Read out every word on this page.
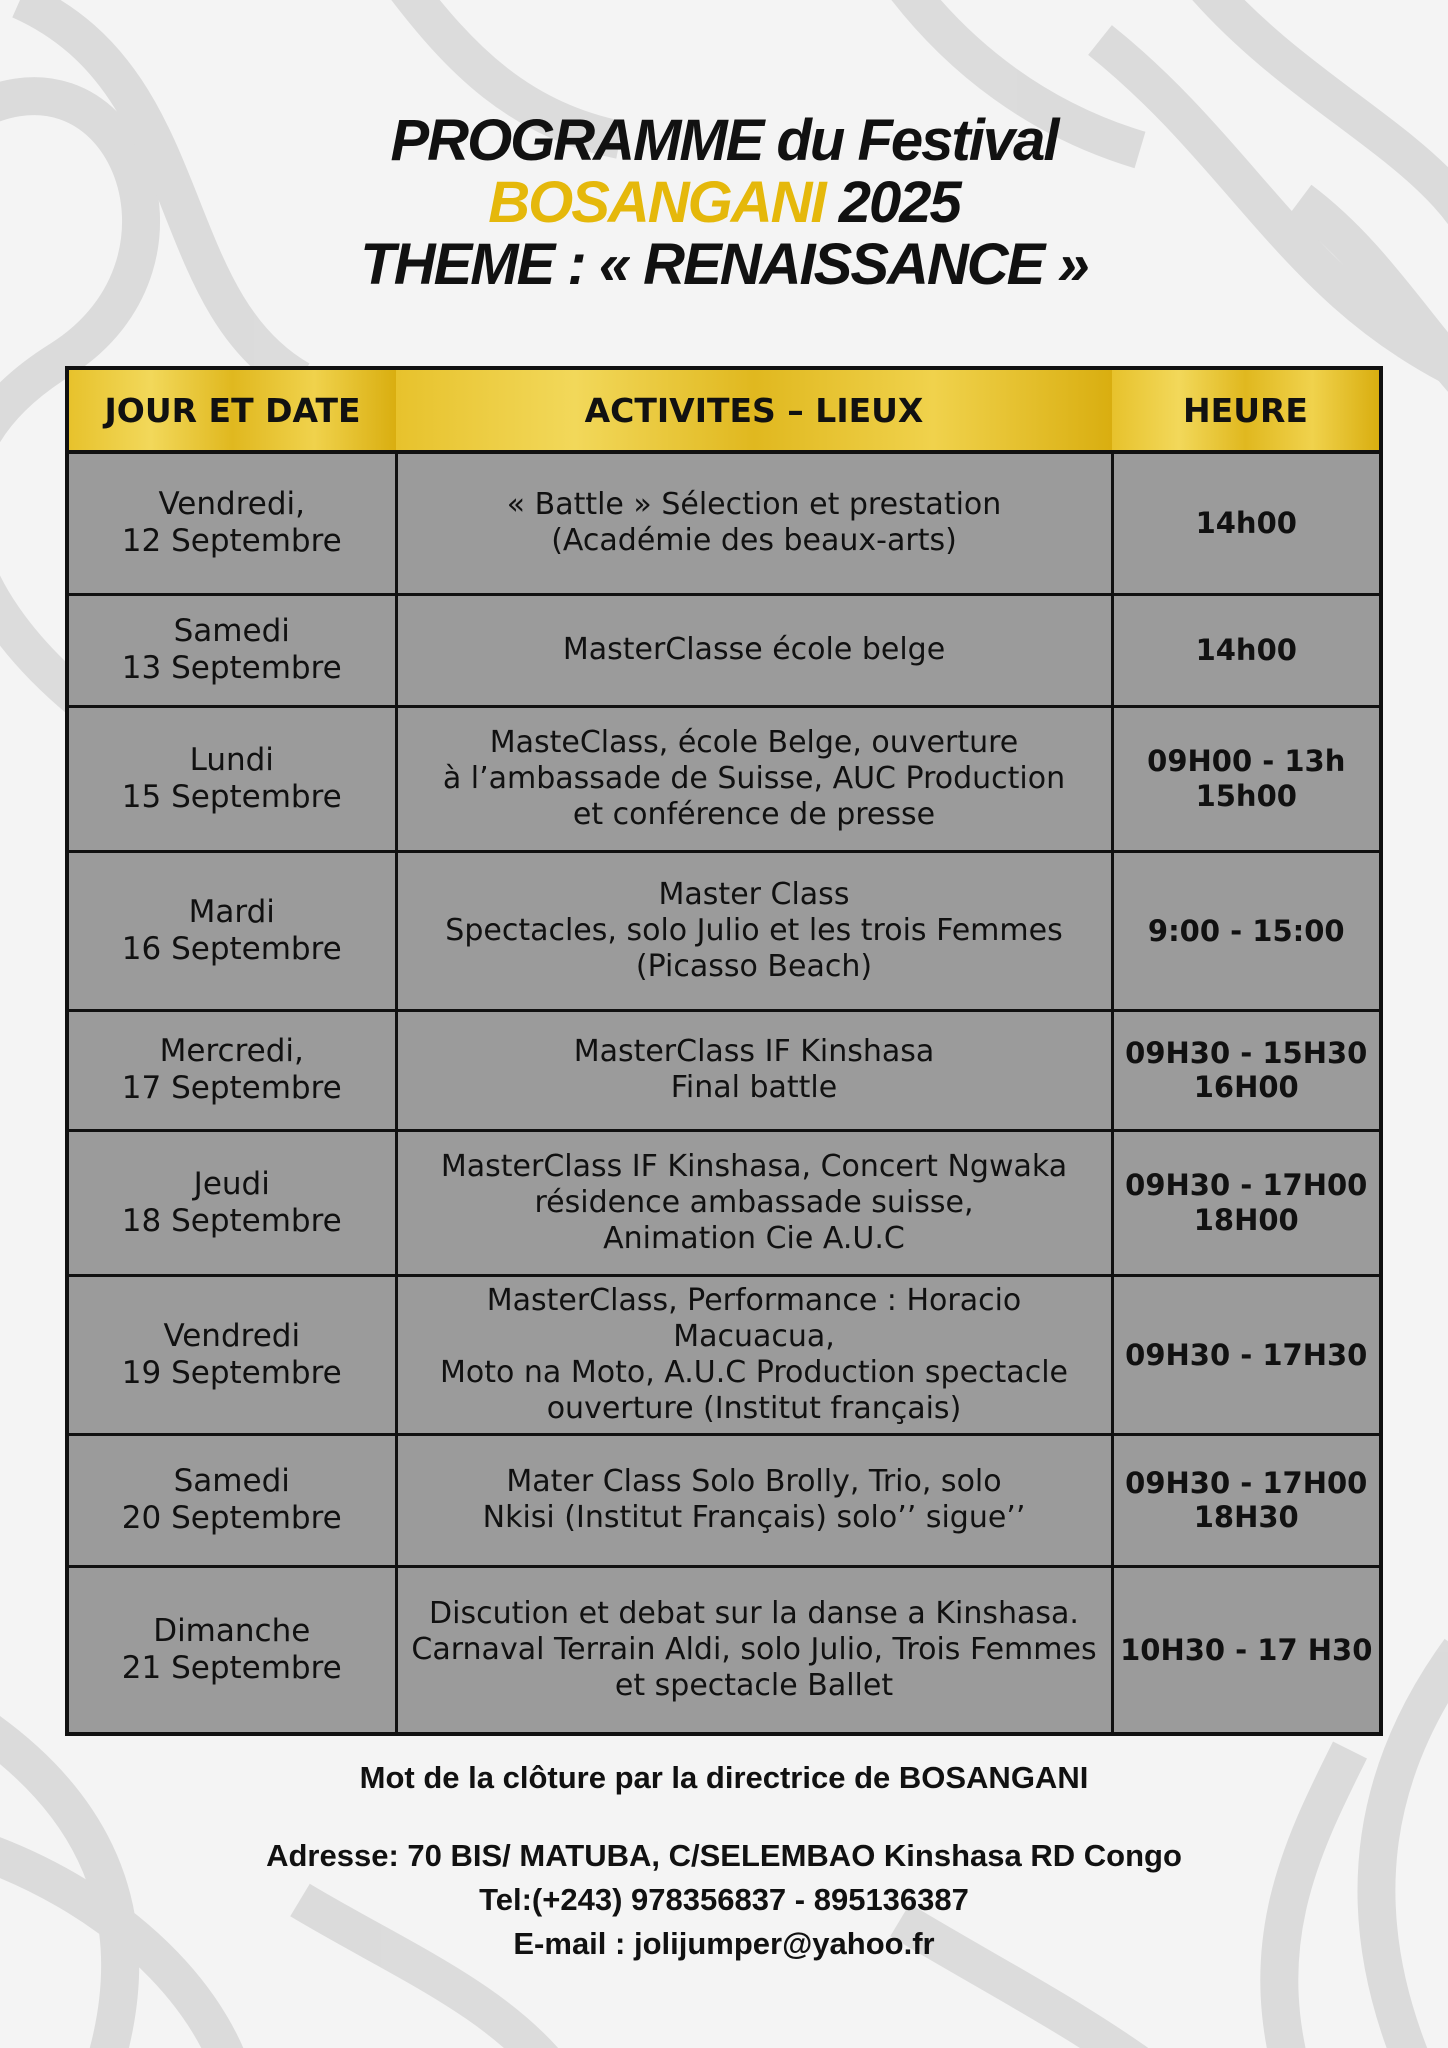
PROGRAMME du Festival
BOSANGANI 2025
THEME : « RENAISSANCE »
JOUR ET DATE	ACTIVITES – LIEUX	HEURE

Vendredi,
12 Septembre	« Battle » Sélection et prestation
(Académie des beaux-arts)	14h00

Samedi
13 Septembre	MasterClasse école belge	14h00

Lundi
15 Septembre	MasteClass, école Belge, ouverture
à l’ambassade de Suisse, AUC Production
et conférence de presse	09H00 - 13h
15h00

Mardi
16 Septembre	Master Class
Spectacles, solo Julio et les trois Femmes
(Picasso Beach)	9:00 - 15:00

Mercredi,
17 Septembre	MasterClass IF Kinshasa
Final battle	09H30 - 15H30
16H00

Jeudi
18 Septembre	MasterClass IF Kinshasa, Concert Ngwaka
résidence ambassade suisse,
Animation Cie A.U.C	09H30 - 17H00
18H00

Vendredi
19 Septembre	MasterClass, Performance : Horacio Macuacua,
Moto na Moto, A.U.C Production spectacle
ouverture (Institut français)	09H30 - 17H30

Samedi
20 Septembre	Mater Class Solo Brolly, Trio, solo
Nkisi (Institut Français) solo’’ sigue’’	09H30 - 17H00
18H30

Dimanche
21 Septembre	Discution et debat sur la danse a Kinshasa.
Carnaval Terrain Aldi, solo Julio, Trois Femmes
et spectacle Ballet	10H30 - 17 H30
Mot de la clôture par la directrice de BOSANGANI
Adresse: 70 BIS/ MATUBA, C/SELEMBAO Kinshasa RD Congo
Tel:(+243) 978356837 - 895136387
E-mail : jolijumper@yahoo.fr
